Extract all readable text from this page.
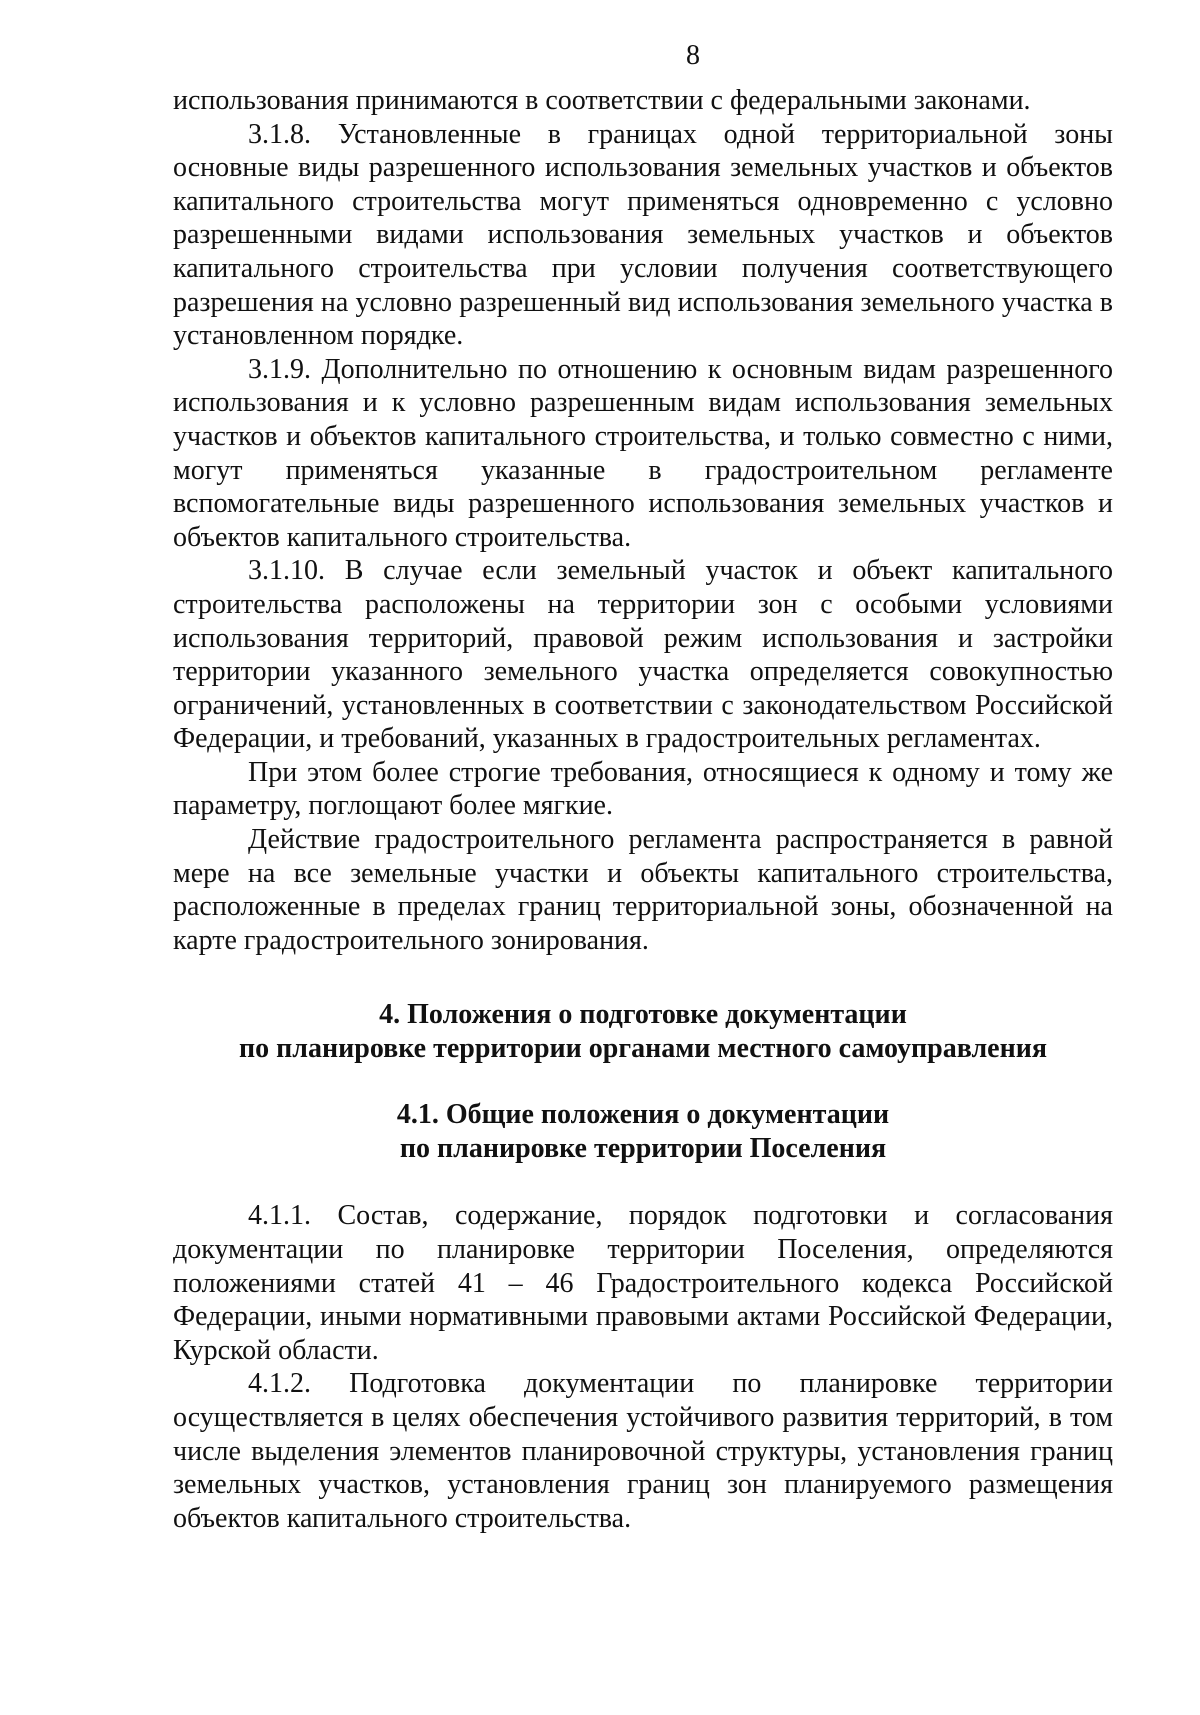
8

использования принимаются в соответствии с федеральными законами.

3.1.8. Установленные в границах одной территориальной зоны основные виды разрешенного использования земельных участков и объектов капитального строительства могут применяться одновременно с условно разрешенными видами использования земельных участков и объектов капитального строительства при условии получения соответствующего разрешения на условно разрешенный вид использования земельного участка в установленном порядке.

3.1.9. Дополнительно по отношению к основным видам разрешенного использования и к условно разрешенным видам использования земельных участков и объектов капитального строительства, и только совместно с ними, могут применяться указанные в градостроительном регламенте вспомогательные виды разрешенного использования земельных участков и объектов капитального строительства.

3.1.10. В случае если земельный участок и объект капитального строительства расположены на территории зон с особыми условиями использования территорий, правовой режим использования и застройки территории указанного земельного участка определяется совокупностью ограничений, установленных в соответствии с законодательством Российской Федерации, и требований, указанных в градостроительных регламентах.

При этом более строгие требования, относящиеся к одному и тому же параметру, поглощают более мягкие.

Действие градостроительного регламента распространяется в равной мере на все земельные участки и объекты капитального строительства, расположенные в пределах границ территориальной зоны, обозначенной на карте градостроительного зонирования.

4. Положения о подготовке документации

по планировке территории органами местного самоуправления

4.1. Общие положения о документации

по планировке территории Поселения

4.1.1. Состав, содержание, порядок подготовки и согласования документации по планировке территории Поселения, определяются положениями статей 41 – 46 Градостроительного кодекса Российской Федерации, иными нормативными правовыми актами Российской Федерации, Курской области.

4.1.2. Подготовка документации по планировке территории осуществляется в целях обеспечения устойчивого развития территорий, в том числе выделения элементов планировочной структуры, установления границ земельных участков, установления границ зон планируемого размещения объектов капитального строительства.
